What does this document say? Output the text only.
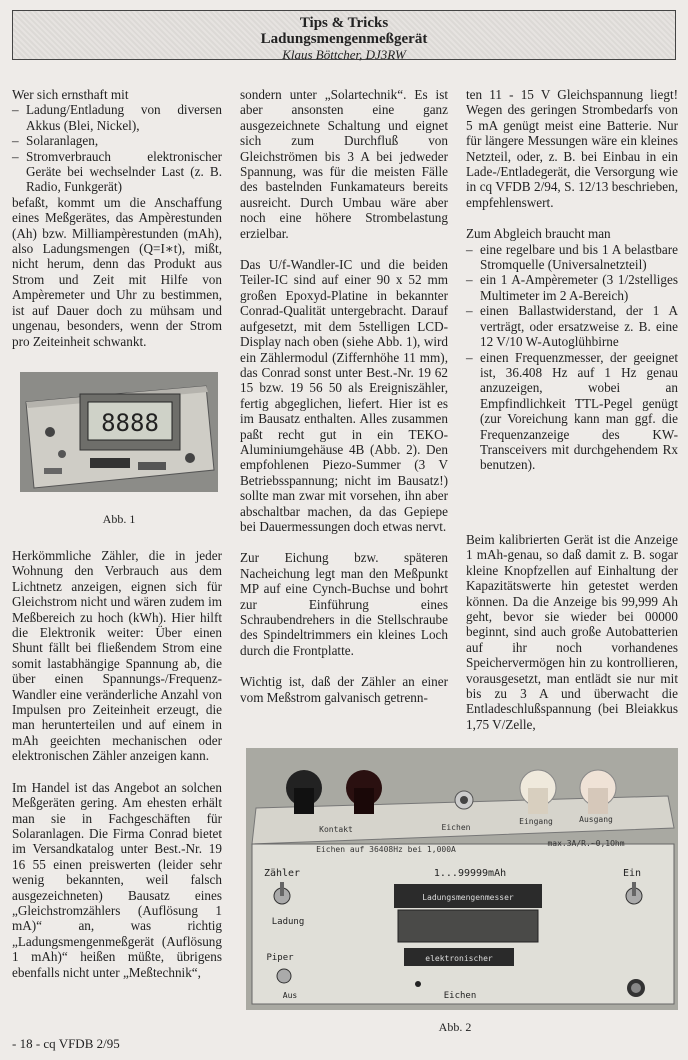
Tips & Tricks
Ladungsmengenmeßgerät
Klaus Böttcher, DJ3RW

Wer sich ernsthaft mit

– Ladung/Entladung von diversen Akkus (Blei, Nickel),
– Solaranlagen,
– Stromverbrauch elektronischer Geräte bei wechselnder Last (z. B. Radio, Funkgerät)

befaßt, kommt um die Anschaffung eines Meßgerätes, das Ampèrestunden (Ah) bzw. Milliampèrestunden (mAh), also Ladungsmengen (Q=I∗t), mißt, nicht herum, denn das Produkt aus Strom und Zeit mit Hilfe von Ampèremeter und Uhr zu bestimmen, ist auf Dauer doch zu mühsam und ungenau, besonders, wenn der Strom pro Zeiteinheit schwankt.

8888
Abb. 1

Herkömmliche Zähler, die in jeder Wohnung den Verbrauch aus dem Lichtnetz anzeigen, eignen sich für Gleichstrom nicht und wären zudem im Meßbereich zu hoch (kWh). Hier hilft die Elektronik weiter: Über einen Shunt fällt bei fließendem Strom eine somit lastabhängige Spannung ab, die über einen Spannungs-/Frequenz-Wandler eine veränderliche Anzahl von Impulsen pro Zeiteinheit erzeugt, die man herunterteilen und auf einem in mAh geeichten mechanischen oder elektronischen Zähler anzeigen kann.

Im Handel ist das Angebot an solchen Meßgeräten gering. Am ehesten erhält man sie in Fachgeschäften für Solaranlagen. Die Firma Conrad bietet im Versandkatalog unter Best.-Nr. 19 16 55 einen preiswerten (leider sehr wenig bekannten, weil falsch ausgezeichneten) Bausatz eines „Gleichstromzählers (Auflösung 1 mA)“ an, was richtig „Ladungsmengenmeßgerät (Auflösung 1 mAh)“ heißen müßte, übrigens ebenfalls nicht unter „Meßtechnik“,

sondern unter „Solartechnik“. Es ist aber ansonsten eine ganz ausgezeichnete Schaltung und eignet sich zum Durchfluß von Gleichströmen bis 3 A bei jedweder Spannung, was für die meisten Fälle des bastelnden Funkamateurs bereits ausreicht. Durch Umbau wäre aber noch eine höhere Strombelastung erzielbar.

Das U/f-Wandler-IC und die beiden Teiler-IC sind auf einer 90 x 52 mm großen Epoxyd-Platine in bekannter Conrad-Qualität untergebracht. Darauf aufgesetzt, mit dem 5stelligen LCD-Display nach oben (siehe Abb. 1), wird ein Zählermodul (Ziffernhöhe 11 mm), das Conrad sonst unter Best.-Nr. 19 62 15 bzw. 19 56 50 als Ereigniszähler, fertig abgeglichen, liefert. Hier ist es im Bausatz enthalten. Alles zusammen paßt recht gut in ein TEKO-Aluminiumgehäuse 4B (Abb. 2). Den empfohlenen Piezo-Summer (3 V Betriebsspannung; nicht im Bausatz!) sollte man zwar mit vorsehen, ihn aber abschaltbar machen, da das Gepiepe bei Dauermessungen doch etwas nervt.

Zur Eichung bzw. späteren Nacheichung legt man den Meßpunkt MP auf eine Cynch-Buchse und bohrt zur Einführung eines Schraubendrehers in die Stellschraube des Spindeltrimmers ein kleines Loch durch die Frontplatte.

Wichtig ist, daß der Zähler an einer vom Meßstrom galvanisch getrenn-

ten 11 - 15 V Gleichspannung liegt! Wegen des geringen Strombedarfs von 5 mA genügt meist eine Batterie. Nur für längere Messungen wäre ein kleines Netzteil, oder, z. B. bei Einbau in ein Lade-/Entladegerät, die Versorgung wie in cq VFDB 2/94, S. 12/13 beschrieben, empfehlenswert.

Zum Abgleich braucht man

– eine regelbare und bis 1 A belastbare Stromquelle (Universalnetzteil)
– ein 1 A-Ampèremeter (3 1/2stelliges Multimeter im 2 A-Bereich)
– einen Ballastwiderstand, der 1 A verträgt, oder ersatzweise z. B. eine 12 V/10 W-Autoglühbirne
– einen Frequenzmesser, der geeignet ist, 36.408 Hz auf 1 Hz genau anzuzeigen, wobei an Empfindlichkeit TTL-Pegel genügt (zur Voreichung kann man ggf. die Frequenzanzeige des KW-Transceivers mit durchgehendem Rx benutzen).

Beim kalibrierten Gerät ist die Anzeige 1 mAh-genau, so daß damit z. B. sogar kleine Knopfzellen auf Einhaltung der Kapazitätswerte hin getestet werden können. Da die Anzeige bis 99,999 Ah geht, bevor sie wieder bei 00000 beginnt, sind auch große Autobatterien auf ihr noch vorhandenes Speichervermögen hin zu kontrollieren, vorausgesetzt, man entlädt sie nur mit bis zu 3 A und überwacht die Entladeschlußspannung (bei Bleiakkus 1,75 V/Zelle,

Kontakt	Eichen
Eingang	Ausgang
Eichen auf 36408Hz bei 1,000A
max.3A/R.~0,1Ohm
Zähler
Ladung
Piper
Aus
1...99999mAh
Ladungsmengenmesser
elektronischer
Eichen
Ein
Abb. 2
- 18 - cq VFDB 2/95
